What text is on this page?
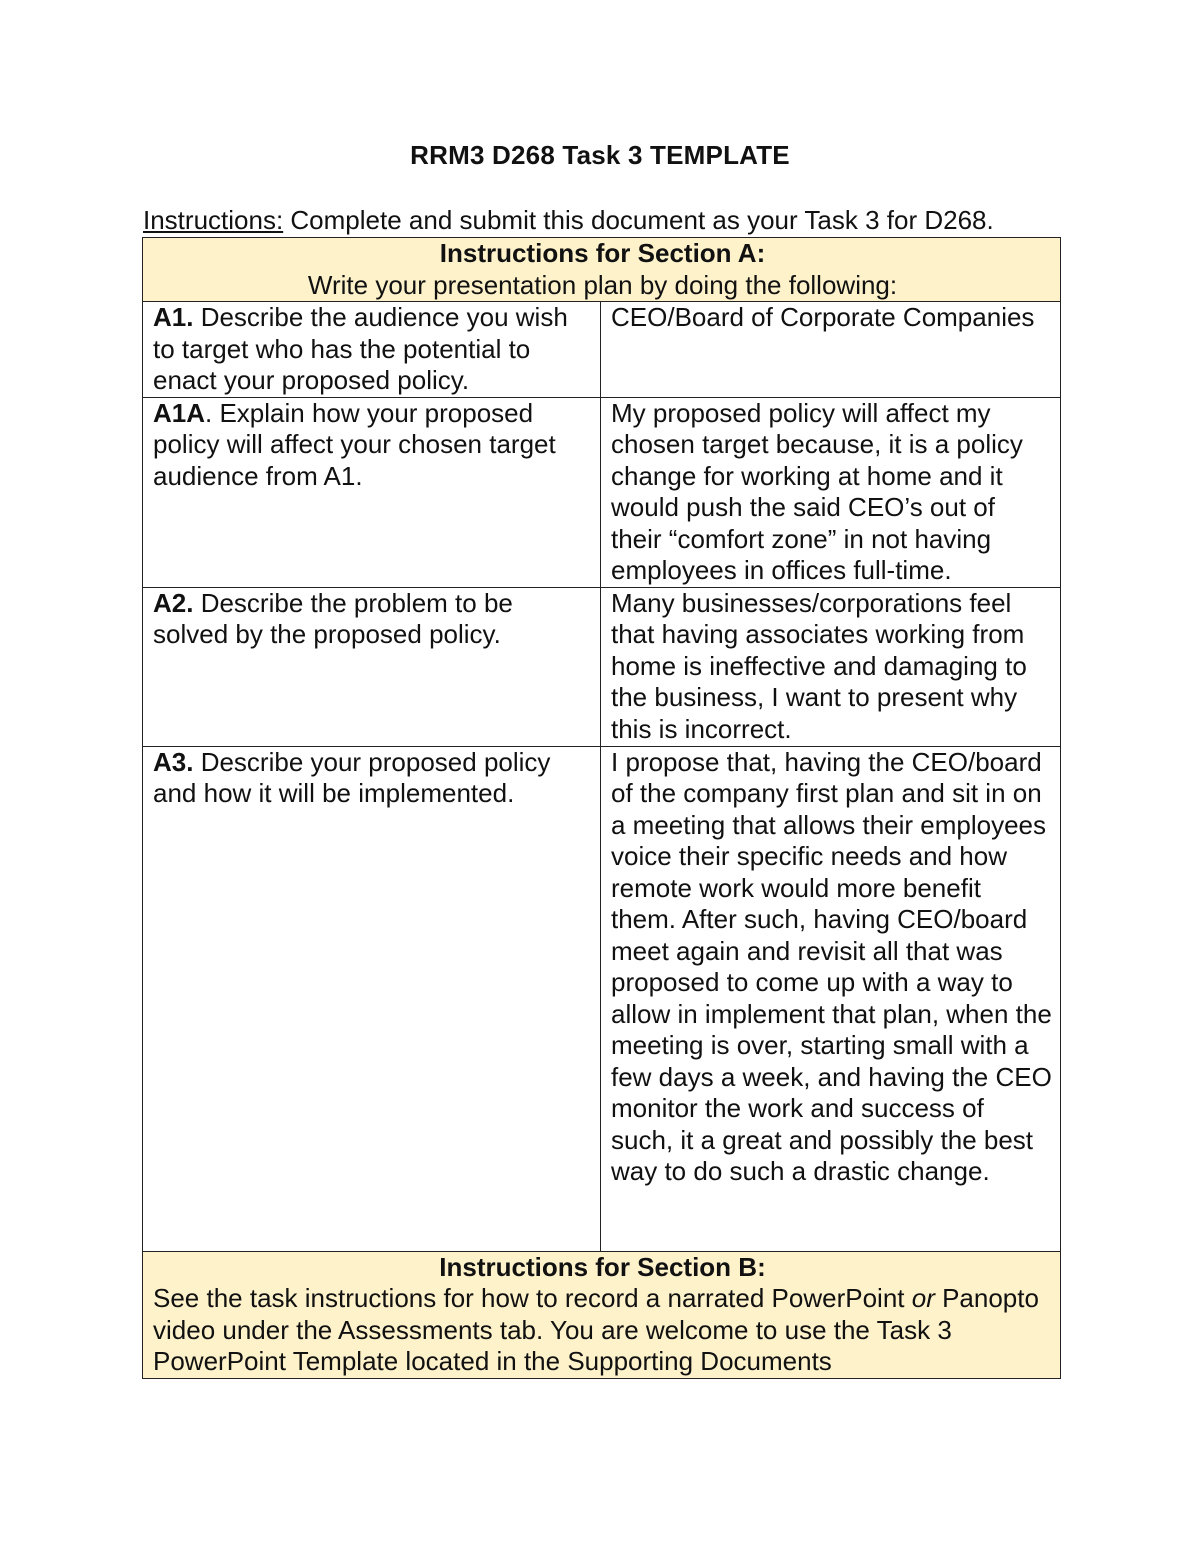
RRM3 D268 Task 3 TEMPLATE
Instructions: Complete and submit this document as your Task 3 for D268.
Instructions for Section A:
Write your presentation plan by doing the following:	
A1. Describe the audience you wish to target who has the potential to enact your proposed policy.	CEO/Board of Corporate Companies
A1A. Explain how your proposed policy will affect your chosen target audience from A1.	My proposed policy will affect my chosen target because, it is a policy change for working at home and it would push the said CEO’s out of their “comfort zone” in not having employees in offices full-time.
A2. Describe the problem to be solved by the proposed policy.	Many businesses/corporations feel that having associates working from home is ineffective and damaging to the business, I want to present why this is incorrect.
A3. Describe your proposed policy and how it will be implemented.	I propose that, having the CEO/board of the company first plan and sit in on a meeting that allows their employees voice their specific needs and how remote work would more benefit them. After such, having CEO/board meet again and revisit all that was proposed to come up with a way to allow in implement that plan, when the meeting is over, starting small with a few days a week, and having the CEO monitor the work and success of such, it a great and possibly the best way to do such a drastic change.

Instructions for Section B:
See the task instructions for how to record a narrated PowerPoint or Panopto video under the Assessments tab. You are welcome to use the Task 3 PowerPoint Template located in the Supporting Documents	
